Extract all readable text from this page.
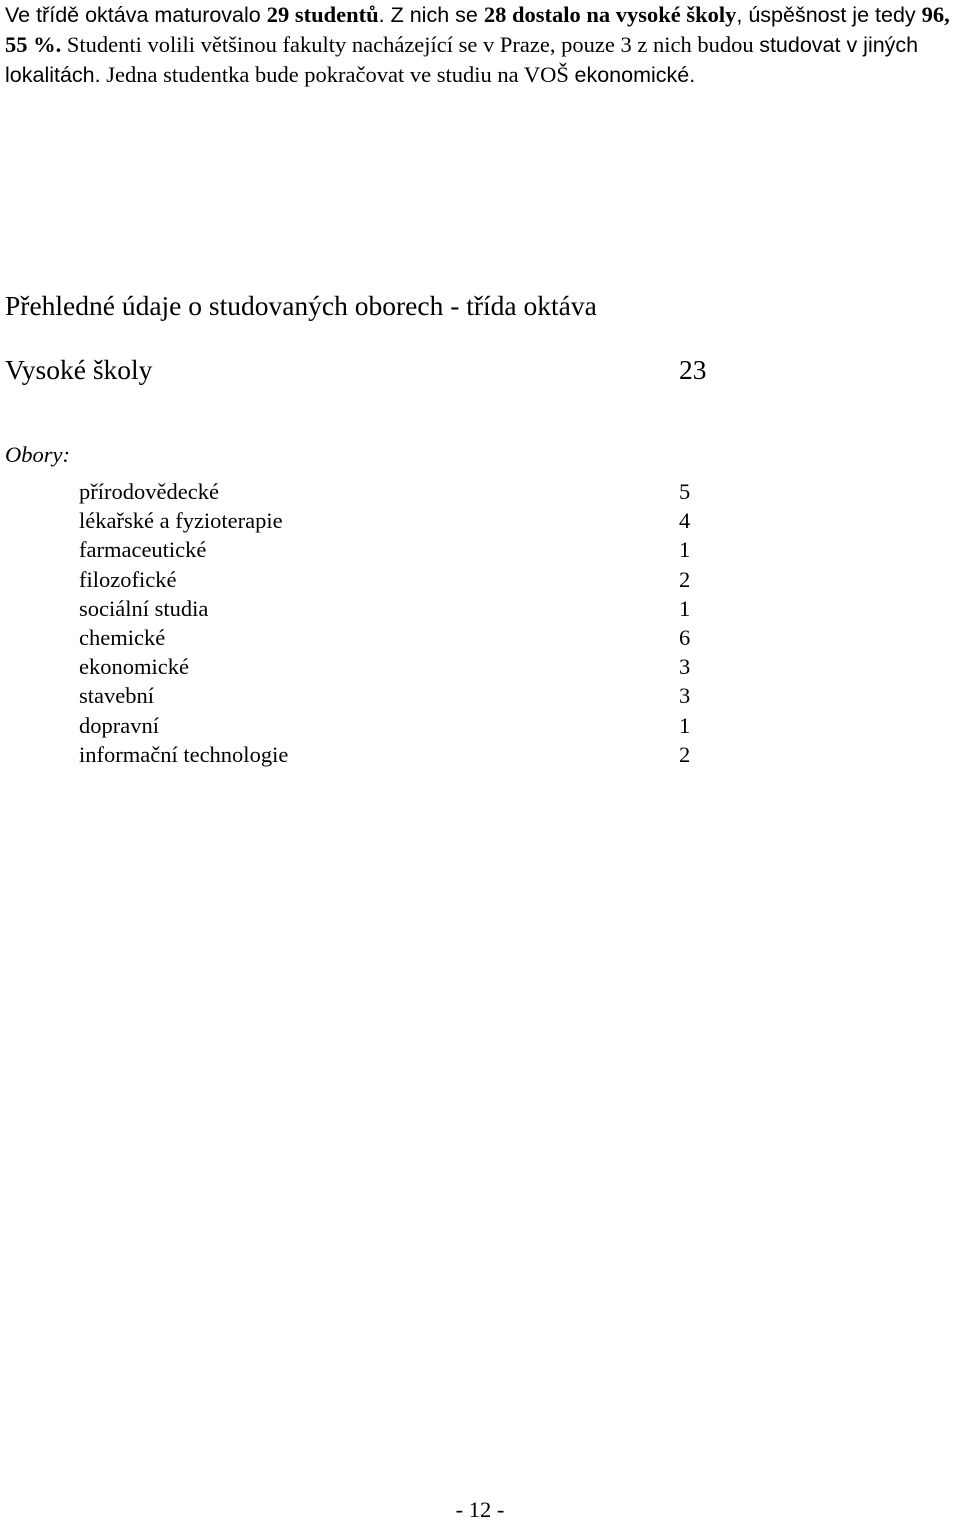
Ve třídě oktáva maturovalo 29 studentů. Z nich se 28 dostalo na vysoké školy, úspěšnost je tedy 96, 55 %. Studenti volili většinou fakulty nacházející se v Praze, pouze 3 z nich budou studovat v jiných lokalitách. Jedna studentka bude pokračovat ve studiu na VOŠ ekonomické.

Přehledné údaje o studovaných oborech - třída oktáva
Vysoké školy	23
Obory:
přírodovědecké	5
lékařské a fyzioterapie	4
farmaceutické	1
filozofické	2
sociální studia	1
chemické	6
ekonomické	3
stavební	3
dopravní	1
informační technologie	2
- 12 -
